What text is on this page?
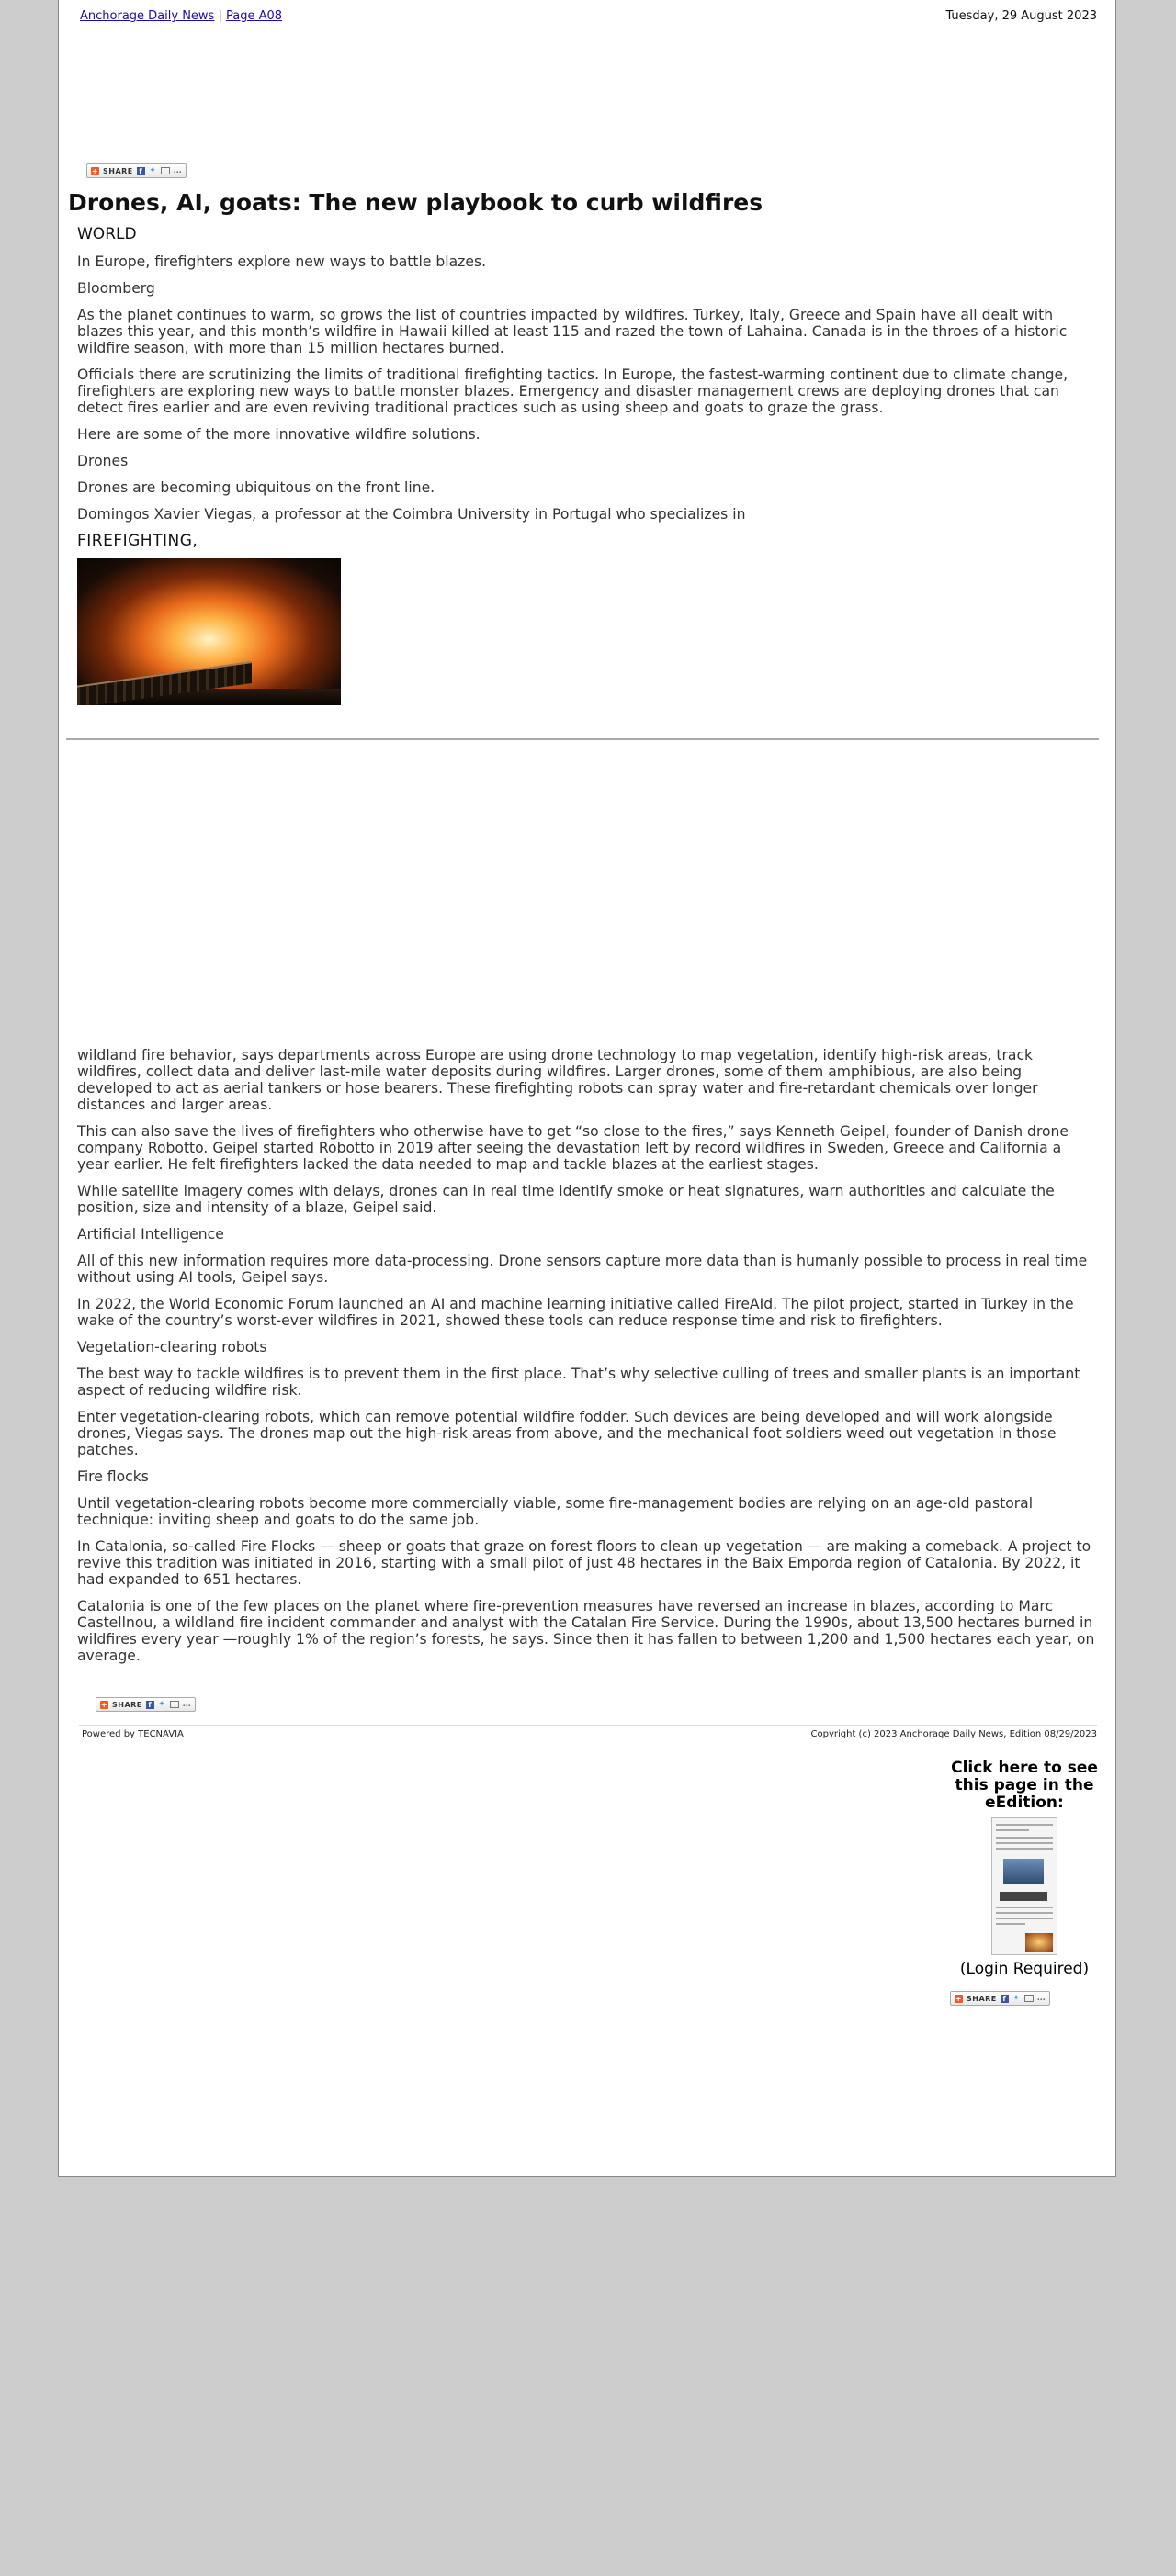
Anchorage Daily News | Page A08	Tuesday, 29 August 2023
+ SHARE f ✦ …
Drones, AI, goats: The new playbook to curb wildfires
WORLD

In Europe, firefighters explore new ways to battle blazes.

Bloomberg

As the planet continues to warm, so grows the list of countries impacted by wildfires. Turkey, Italy, Greece and Spain have all dealt with blazes this year, and this month’s wildfire in Hawaii killed at least 115 and razed the town of Lahaina. Canada is in the throes of a historic wildfire season, with more than 15 million hectares burned.

Officials there are scrutinizing the limits of traditional firefighting tactics. In Europe, the fastest-warming continent due to climate change, firefighters are exploring new ways to battle monster blazes. Emergency and disaster management crews are deploying drones that can detect fires earlier and are even reviving traditional practices such as using sheep and goats to graze the grass.

Here are some of the more innovative wildfire solutions.

Drones

Drones are becoming ubiquitous on the front line.

Domingos Xavier Viegas, a professor at the Coimbra University in Portugal who specializes in

FIREFIGHTING,

wildland fire behavior, says departments across Europe are using drone technology to map vegetation, identify high-risk areas, track wildfires, collect data and deliver last-mile water deposits during wildfires. Larger drones, some of them amphibious, are also being developed to act as aerial tankers or hose bearers. These firefighting robots can spray water and fire-retardant chemicals over longer distances and larger areas.

This can also save the lives of firefighters who otherwise have to get “so close to the fires,” says Kenneth Geipel, founder of Danish drone company Robotto. Geipel started Robotto in 2019 after seeing the devastation left by record wildfires in Sweden, Greece and California a year earlier. He felt firefighters lacked the data needed to map and tackle blazes at the earliest stages.

While satellite imagery comes with delays, drones can in real time identify smoke or heat signatures, warn authorities and calculate the position, size and intensity of a blaze, Geipel said.

Artificial Intelligence

All of this new information requires more data-processing. Drone sensors capture more data than is humanly possible to process in real time without using AI tools, Geipel says.

In 2022, the World Economic Forum launched an AI and machine learning initiative called FireAId. The pilot project, started in Turkey in the wake of the country’s worst-ever wildfires in 2021, showed these tools can reduce response time and risk to firefighters.

Vegetation-clearing robots

The best way to tackle wildfires is to prevent them in the first place. That’s why selective culling of trees and smaller plants is an important aspect of reducing wildfire risk.

Enter vegetation-clearing robots, which can remove potential wildfire fodder. Such devices are being developed and will work alongside drones, Viegas says. The drones map out the high-risk areas from above, and the mechanical foot soldiers weed out vegetation in those patches.

Fire flocks

Until vegetation-clearing robots become more commercially viable, some fire-management bodies are relying on an age-old pastoral technique: inviting sheep and goats to do the same job.

In Catalonia, so-called Fire Flocks — sheep or goats that graze on forest floors to clean up vegetation — are making a comeback. A project to revive this tradition was initiated in 2016, starting with a small pilot of just 48 hectares in the Baix Emporda region of Catalonia. By 2022, it had expanded to 651 hectares.

Catalonia is one of the few places on the planet where fire-prevention measures have reversed an increase in blazes, according to Marc Castellnou, a wildland fire incident commander and analyst with the Catalan Fire Service. During the 1990s, about 13,500 hectares burned in wildfires every year —roughly 1% of the region’s forests, he says. Since then it has fallen to between 1,200 and 1,500 hectares each year, on average.

+ SHARE f ✦ …
Powered by TECNAVIA	Copyright (c) 2023 Anchorage Daily News, Edition 08/29/2023
Click here to see this page in the eEdition:
(Login Required)
+ SHARE f ✦ …
